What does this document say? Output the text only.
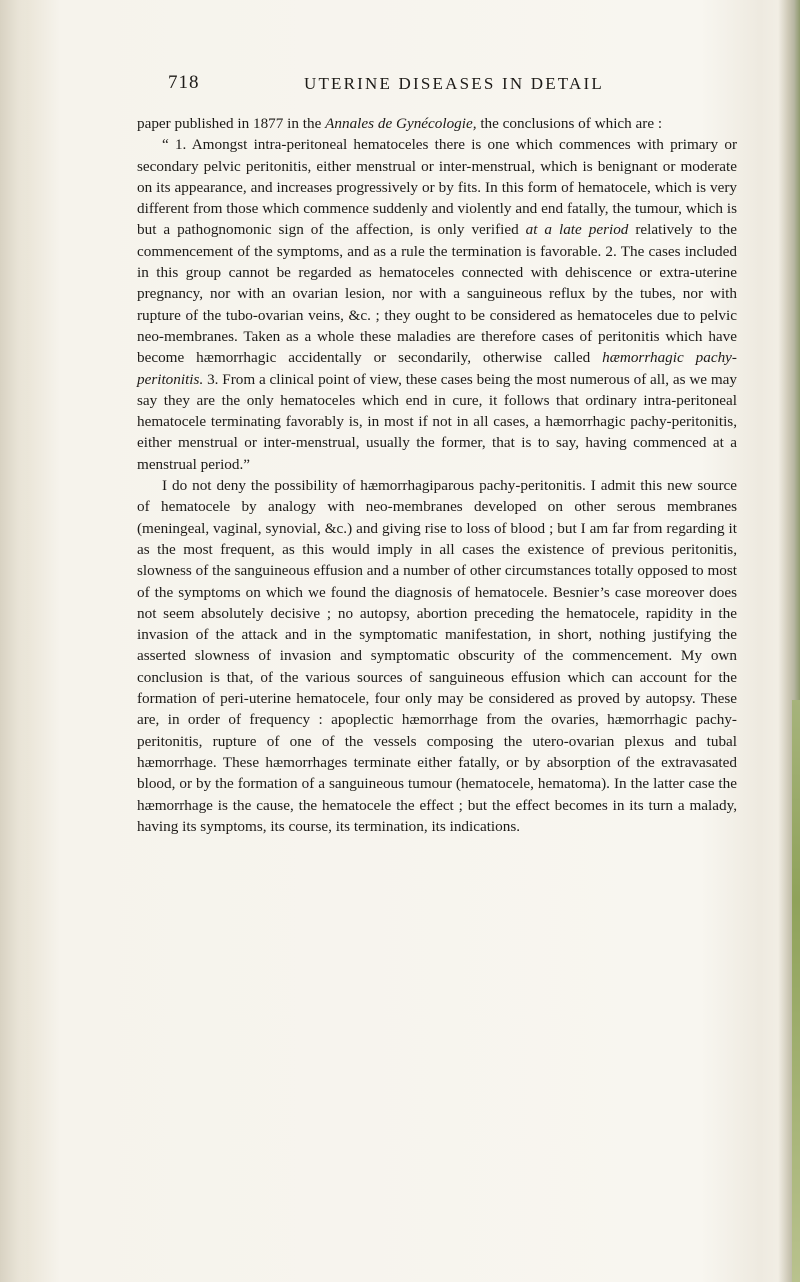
718	UTERINE DISEASES IN DETAIL

paper published in 1877 in the Annales de Gynécologie, the conclusions of which are :

“ 1. Amongst intra-peritoneal hematoceles there is one which commences with primary or secondary pelvic peritonitis, either menstrual or inter-menstrual, which is benignant or moderate on its appearance, and increases progressively or by fits. In this form of hematocele, which is very different from those which commence suddenly and violently and end fatally, the tumour, which is but a pathognomonic sign of the affection, is only verified at a late period relatively to the commencement of the symptoms, and as a rule the termination is favorable. 2. The cases included in this group cannot be regarded as hematoceles connected with dehiscence or extra-uterine pregnancy, nor with an ovarian lesion, nor with a sanguineous reflux by the tubes, nor with rupture of the tubo-ovarian veins, &c. ; they ought to be considered as hematoceles due to pelvic neo-membranes. Taken as a whole these maladies are therefore cases of peritonitis which have become hæmorrhagic accidentally or secondarily, otherwise called hæmorrhagic pachy-peritonitis. 3. From a clinical point of view, these cases being the most numerous of all, as we may say they are the only hematoceles which end in cure, it follows that ordinary intra-peritoneal hematocele terminating favorably is, in most if not in all cases, a hæmorrhagic pachy-peritonitis, either menstrual or inter-menstrual, usually the former, that is to say, having commenced at a menstrual period.”

I do not deny the possibility of hæmorrhagiparous pachy-peritonitis. I admit this new source of hematocele by analogy with neo-membranes developed on other serous membranes (meningeal, vaginal, synovial, &c.) and giving rise to loss of blood ; but I am far from regarding it as the most frequent, as this would imply in all cases the existence of previous peritonitis, slowness of the sanguineous effusion and a number of other circumstances totally opposed to most of the symptoms on which we found the diagnosis of hematocele. Besnier’s case moreover does not seem absolutely decisive ; no autopsy, abortion preceding the hematocele, rapidity in the invasion of the attack and in the symptomatic manifestation, in short, nothing justifying the asserted slowness of invasion and symptomatic obscurity of the commencement. My own conclusion is that, of the various sources of sanguineous effusion which can account for the formation of peri-uterine hematocele, four only may be considered as proved by autopsy. These are, in order of frequency : apoplectic hæmorrhage from the ovaries, hæmorrhagic pachy-peritonitis, rupture of one of the vessels composing the utero-ovarian plexus and tubal hæmorrhage. These hæmorrhages terminate either fatally, or by absorption of the extravasated blood, or by the formation of a sanguineous tumour (hematocele, hematoma). In the latter case the hæmorrhage is the cause, the hematocele the effect ; but the effect becomes in its turn a malady, having its symptoms, its course, its termination, its indications.
